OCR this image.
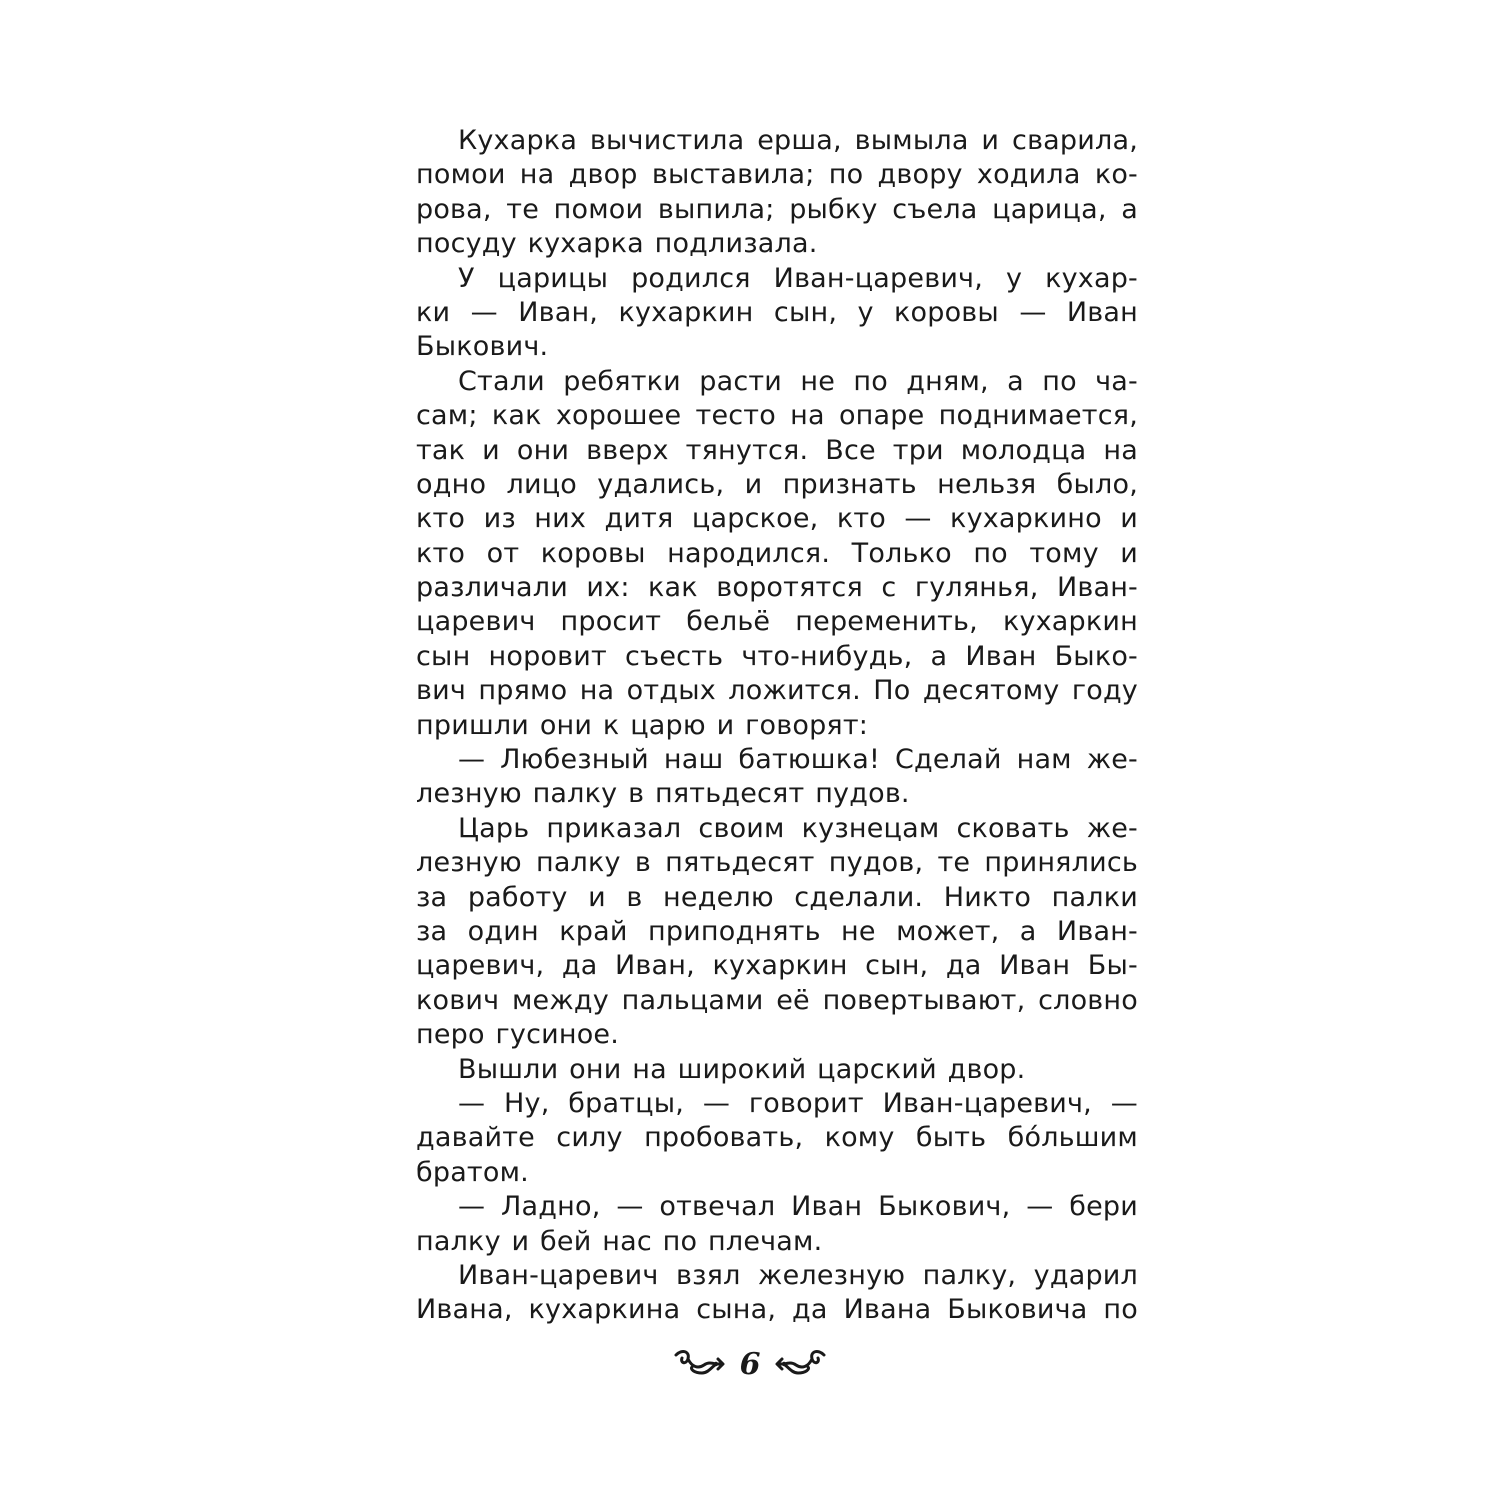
Кухарка вычистила ерша, вымыла и сварила,
помои на двор выставила; по двору ходила ко-
рова, те помои выпила; рыбку съела царица, а
посуду кухарка подлизала.
У царицы родился Иван-царевич, у кухар-
ки — Иван, кухаркин сын, у коровы — Иван
Быкович.
Стали ребятки расти не по дням, а по ча-
сам; как хорошее тесто на опаре поднимается,
так и они вверх тянутся. Все три молодца на
одно лицо удались, и признать нельзя было,
кто из них дитя царское, кто — кухаркино и
кто от коровы народился. Только по тому и
различали их: как воротятся с гулянья, Иван-
царевич просит бельё переменить, кухаркин
сын норовит съесть что-нибудь, а Иван Быко-
вич прямо на отдых ложится. По десятому году
пришли они к царю и говорят:
— Любезный наш батюшка! Сделай нам же-
лезную палку в пятьдесят пудов.
Царь приказал своим кузнецам сковать же-
лезную палку в пятьдесят пудов, те принялись
за работу и в неделю сделали. Никто палки
за один край приподнять не может, а Иван-
царевич, да Иван, кухаркин сын, да Иван Бы-
кович между пальцами её повертывают, словно
перо гусиное.
Вышли они на широкий царский двор.
— Ну, братцы, — говорит Иван-царевич, —
давайте силу пробовать, кому быть бóльшим
братом.
— Ладно, — отвечал Иван Быкович, — бери
палку и бей нас по плечам.
Иван-царевич взял железную палку, ударил
Ивана, кухаркина сына, да Ивана Быковича по
6
